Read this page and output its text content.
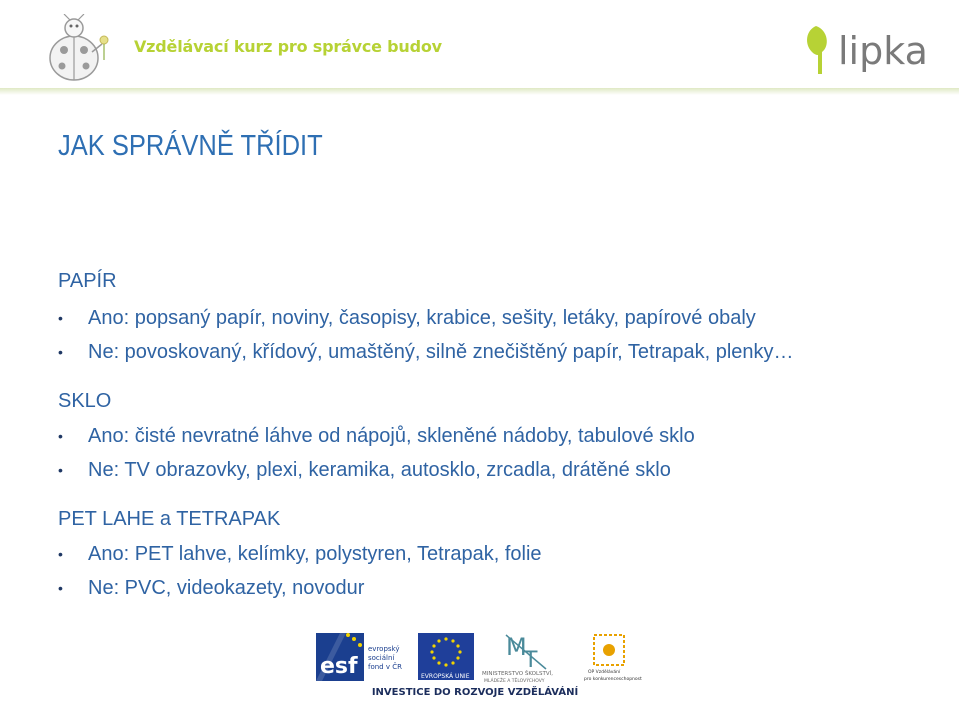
Vzdělávací kurz pro správce budov	lipka
JAK SPRÁVNĚ TŘÍDIT
PAPÍR
• Ano: popsaný papír, noviny, časopisy, krabice, sešity, letáky, papírové obaly
• Ne: povoskovaný, křídový, umaštěný, silně znečištěný papír, Tetrapak, plenky…
SKLO
• Ano: čisté nevratné láhve od nápojů, skleněné nádoby, tabulové sklo
• Ne: TV obrazovky, plexi, keramika, autosklo, zrcadla, drátěné sklo
PET LAHE a TETRAPAK
• Ano: PET lahve, kelímky, polystyren, Tetrapak, folie
• Ne: PVC, videokazety, novodur
esf
evropský
sociální
fond v ČR
EVROPSKÁ UNIE
M
T
MINISTERSTVO ŠKOLSTVÍ,
MLÁDEŽE A TĚLOVÝCHOVY
OP Vzdělávání
pro konkurenceschopnost
INVESTICE DO ROZVOJE VZDĚLÁVÁNÍ
